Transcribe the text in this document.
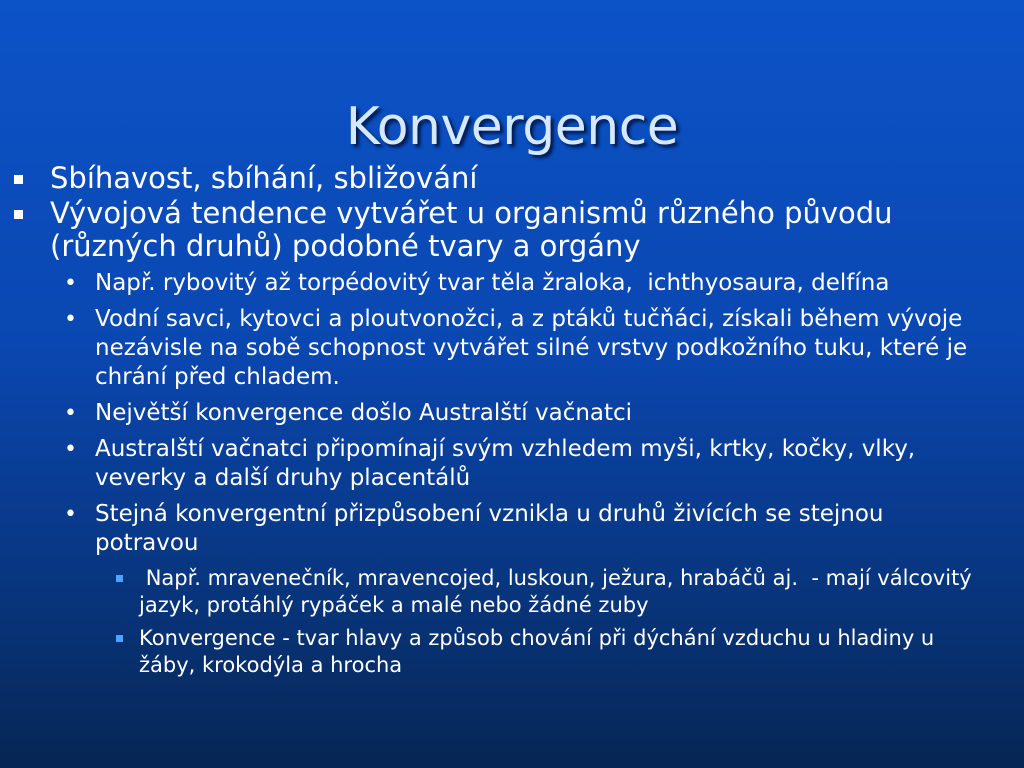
Konvergence
Sbíhavost, sbíhání, sbližování
Vývojová tendence vytvářet u organismů různého původu (různých druhů) podobné tvary a orgány
• Např. rybovitý až torpédovitý tvar těla žraloka,  ichthyosaura, delfína
• Vodní savci, kytovci a ploutvonožci, a z ptáků tučňáci, získali během vývoje nezávisle na sobě schopnost vytvářet silné vrstvy podkožního tuku, které je chrání před chladem.
• Největší konvergence došlo Australští vačnatci
• Australští vačnatci připomínají svým vzhledem myši, krtky, kočky, vlky, veverky a další druhy placentálů
• Stejná konvergentní přizpůsobení vznikla u druhů živících se stejnou potravou
Např. mravenečník, mravencojed, luskoun, ježura, hrabáčů aj.  - mají válcovitý jazyk, protáhlý rypáček a malé nebo žádné zuby
Konvergence - tvar hlavy a způsob chování při dýchání vzduchu u hladiny u žáby, krokodýla a hrocha
